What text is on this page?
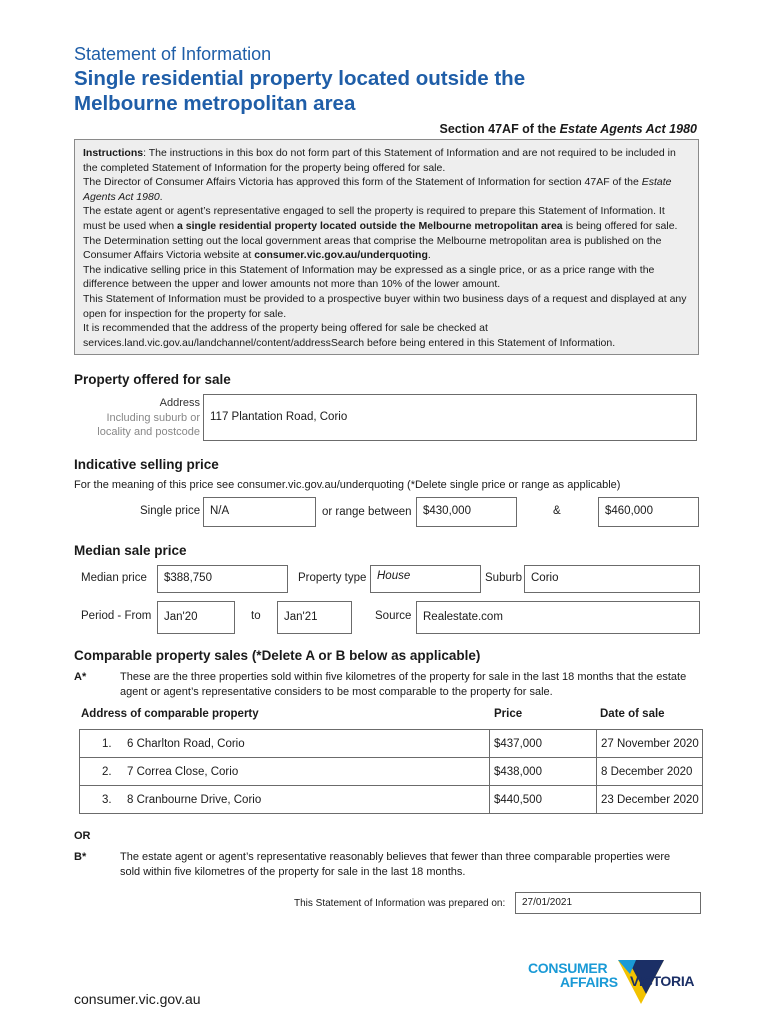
Statement of Information
Single residential property located outside the
Melbourne metropolitan area
Section 47AF of the Estate Agents Act 1980

Instructions: The instructions in this box do not form part of this Statement of Information and are not required to be included in the completed Statement of Information for the property being offered for sale.

The Director of Consumer Affairs Victoria has approved this form of the Statement of Information for section 47AF of the Estate Agents Act 1980.

The estate agent or agent’s representative engaged to sell the property is required to prepare this Statement of Information. It must be used when a single residential property located outside the Melbourne metropolitan area is being offered for sale. The Determination setting out the local government areas that comprise the Melbourne metropolitan area is published on the Consumer Affairs Victoria website at consumer.vic.gov.au/underquoting.

The indicative selling price in this Statement of Information may be expressed as a single price, or as a price range with the difference between the upper and lower amounts not more than 10% of the lower amount.

This Statement of Information must be provided to a prospective buyer within two business days of a request and displayed at any open for inspection for the property for sale.

It is recommended that the address of the property being offered for sale be checked at services.land.vic.gov.au/landchannel/content/addressSearch before being entered in this Statement of Information.

Property offered for sale
Address
Including suburb or
locality and postcode
117 Plantation Road, Corio
Indicative selling price
For the meaning of this price see consumer.vic.gov.au/underquoting (*Delete single price or range as applicable)
Single price N/A	or range between $430,000	&	$460,000
Median sale price
Median price	$388,750	Property type House	Suburb Corio
Period - From	Jan'20	to	Jan'21	Source	Realestate.com
Comparable property sales (*Delete A or B below as applicable)
A*	These are the three properties sold within five kilometres of the property for sale in the last 18 months that the estate agent or agent’s representative considers to be most comparable to the property for sale.
Address of comparable property	Price	Date of sale
1. 6 Charlton Road, Corio	$437,000	27 November 2020
2. 7 Correa Close, Corio	$438,000	8 December 2020
3. 8 Cranbourne Drive, Corio	$440,500	23 December 2020
OR
B*	The estate agent or agent’s representative reasonably believes that fewer than three comparable properties were sold within five kilometres of the property for sale in the last 18 months.
This Statement of Information was prepared on:	27/01/2021
consumer.vic.gov.au
CONSUMER
AFFAIRS VICTORIA
